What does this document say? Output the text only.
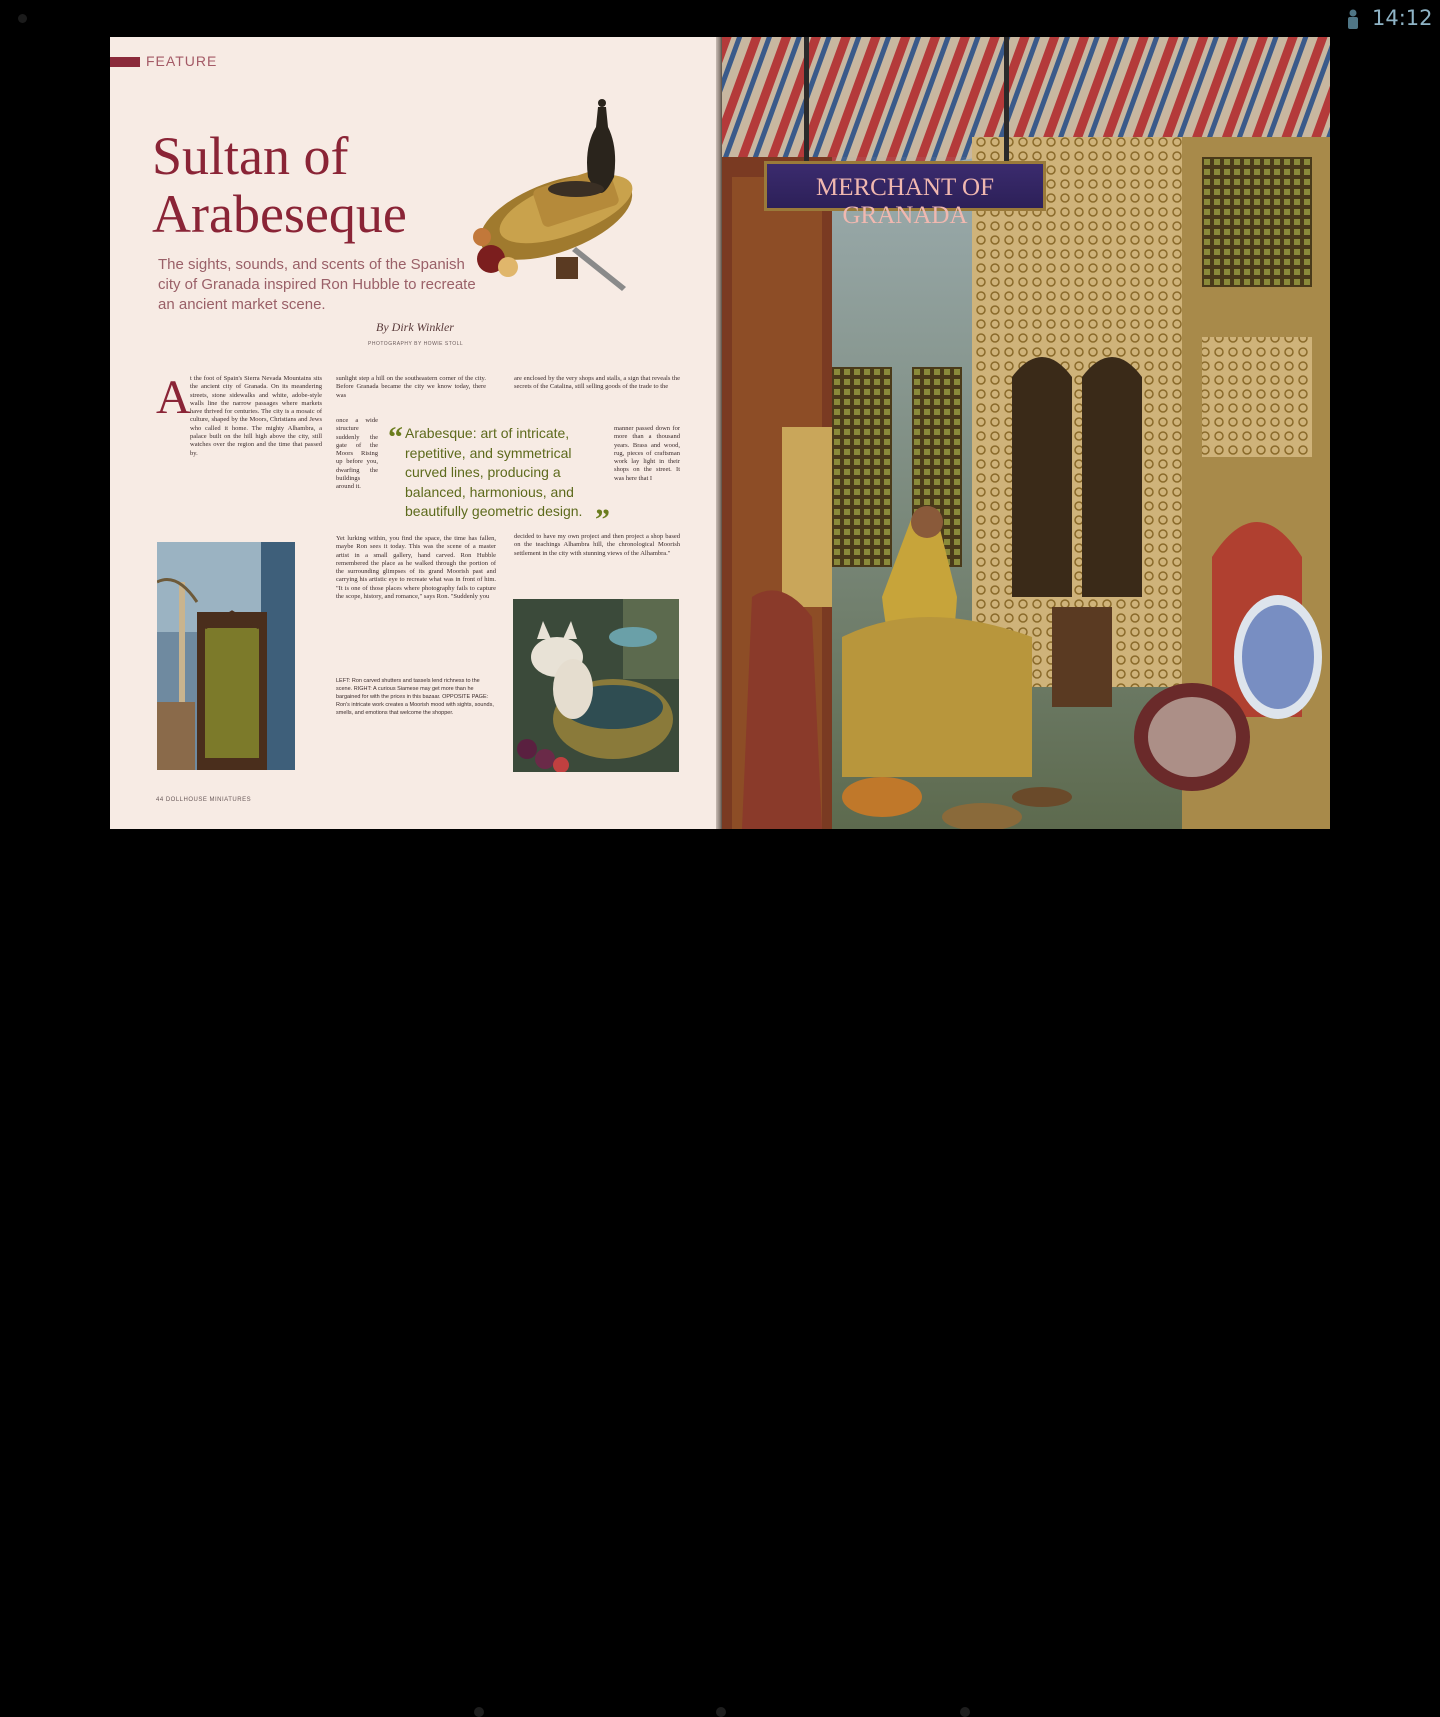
14:12
FEATURE
Sultan of Arabeseque
The sights, sounds, and scents of the Spanish city of Granada inspired Ron Hubble to recreate an ancient market scene.
By Dirk Winkler
PHOTOGRAPHY BY HOWIE STOLL
A t the foot of Spain's Sierra Nevada Mountains sits the ancient city of Granada. On its meandering streets, stone sidewalks and white, adobe-style walls line the narrow passages where markets have thrived for centuries. The city is a mosaic of culture, shaped by the Moors, Christians and Jews who called it home. The mighty Alhambra, a palace built on the hill high above the city, still watches over the region and the time that passed by.
sunlight step a hill on the southeastern corner of the city. Before Granada became the city we know today, there was
once a wide structure suddenly the gate of the Moors Rising up before you, dwarfing the buildings around it.
Yet lurking within, you find the space, the time has fallen, maybe Ron sees it today. This was the scene of a master artist in a small gallery, hand carved. Ron Hubble remembered the place as he walked through the portion of the surrounding glimpses of its grand Moorish past and carrying his artistic eye to recreate what was in front of him. "It is one of those places where photography fails to capture the scope, history, and romance," says Ron. "Suddenly you
are enclosed by the very shops and stalls, a sign that reveals the secrets of the Catalina, still selling goods of the trade to the
manner passed down for more than a thousand years. Brass and wood, rug, pieces of craftsman work lay light in their shops on the street. It was here that I
decided to have my own project and then project a shop based on the teachings Alhambra hill, the chronological Moorish settlement in the city with stunning views of the Alhambra."
“ Arabesque: art of intricate, repetitive, and symmetrical curved lines, producing a balanced, harmonious, and beautifully geometric design. ”
LEFT: Ron carved shutters and tassels lend richness to the scene. RIGHT: A curious Siamese may get more than he bargained for with the prices in this bazaar. OPPOSITE PAGE: Ron's intricate work creates a Moorish mood with sights, sounds, smells, and emotions that welcome the shopper.
44 DOLLHOUSE MINIATURES
MERCHANT OF GRANADA
